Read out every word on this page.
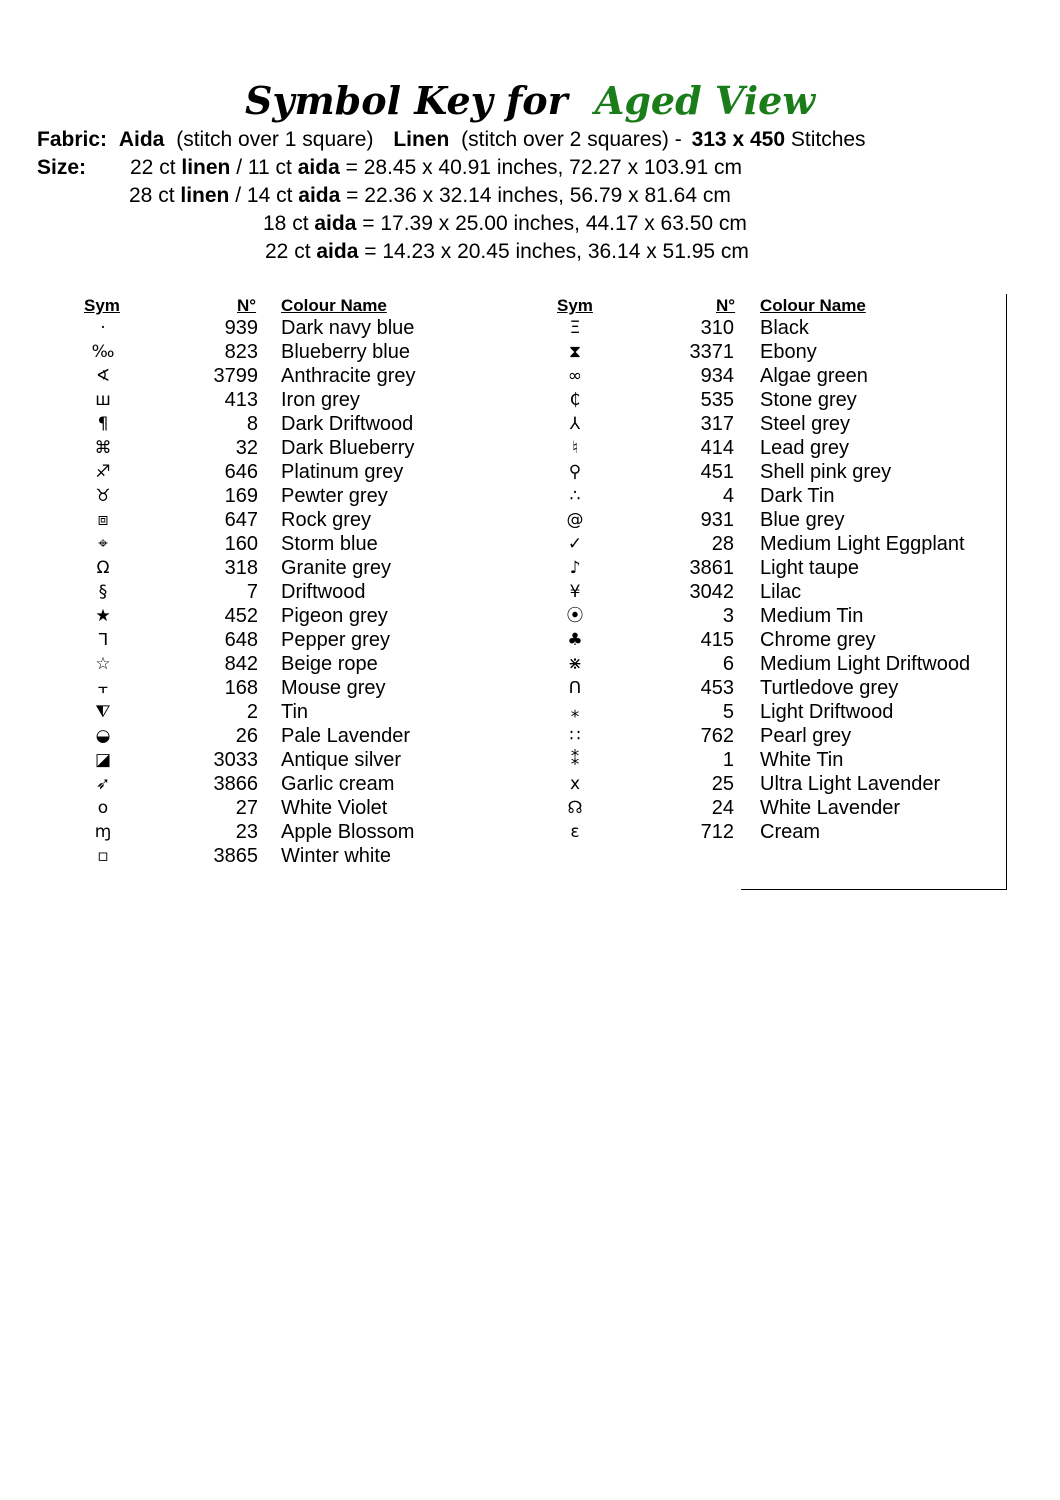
Symbol Key for Aged View
Fabric: Aida (stitch over 1 square) Linen (stitch over 2 squares) - 313 x 450 Stitches
Size: 22 ct linen / 11 ct aida = 28.45 x 40.91 inches, 72.27 x 103.91 cm
28 ct linen / 14 ct aida = 22.36 x 32.14 inches, 56.79 x 81.64 cm
18 ct aida = 17.39 x 25.00 inches, 44.17 x 63.50 cm
22 ct aida = 14.23 x 20.45 inches, 36.14 x 51.95 cm
Sym	N° Colour Name	Sym	N° Colour Name
·	939 Dark navy blue
‰	823 Blueberry blue
∢	3799 Anthracite grey
ш	413 Iron grey
¶	8 Dark Driftwood
⌘	32 Dark Blueberry
♐	646 Platinum grey
♉	169 Pewter grey
⧈	647 Rock grey
⌖	160 Storm blue
Ω	318 Granite grey
§	7 Driftwood
★	452 Pigeon grey
ᒣ	648 Pepper grey
☆	842 Beige rope
⫟	168 Mouse grey
⧨	2 Tin
◒	26 Pale Lavender
◪	3033 Antique silver
➶	3866 Garlic cream
o	27 White Violet
ɱ	23 Apple Blossom
▫	3865 Winter white
Ξ	310 Black
⧗	3371 Ebony
∞	934 Algae green
₵	535 Stone grey
⅄	317 Steel grey
♮	414 Lead grey
⚲	451 Shell pink grey
∴	4 Dark Tin
@	931 Blue grey
✓	28 Medium Light Eggplant
♪	3861 Light taupe
¥	3042 Lilac
⦿	3 Medium Tin
♣	415 Chrome grey
⋇	6 Medium Light Driftwood
ᑎ	453 Turtledove grey
⁎	5 Light Driftwood
∷	762 Pearl grey
⁑	1 White Tin
x	25 Ultra Light Lavender
☊	24 White Lavender
ɛ	712 Cream
